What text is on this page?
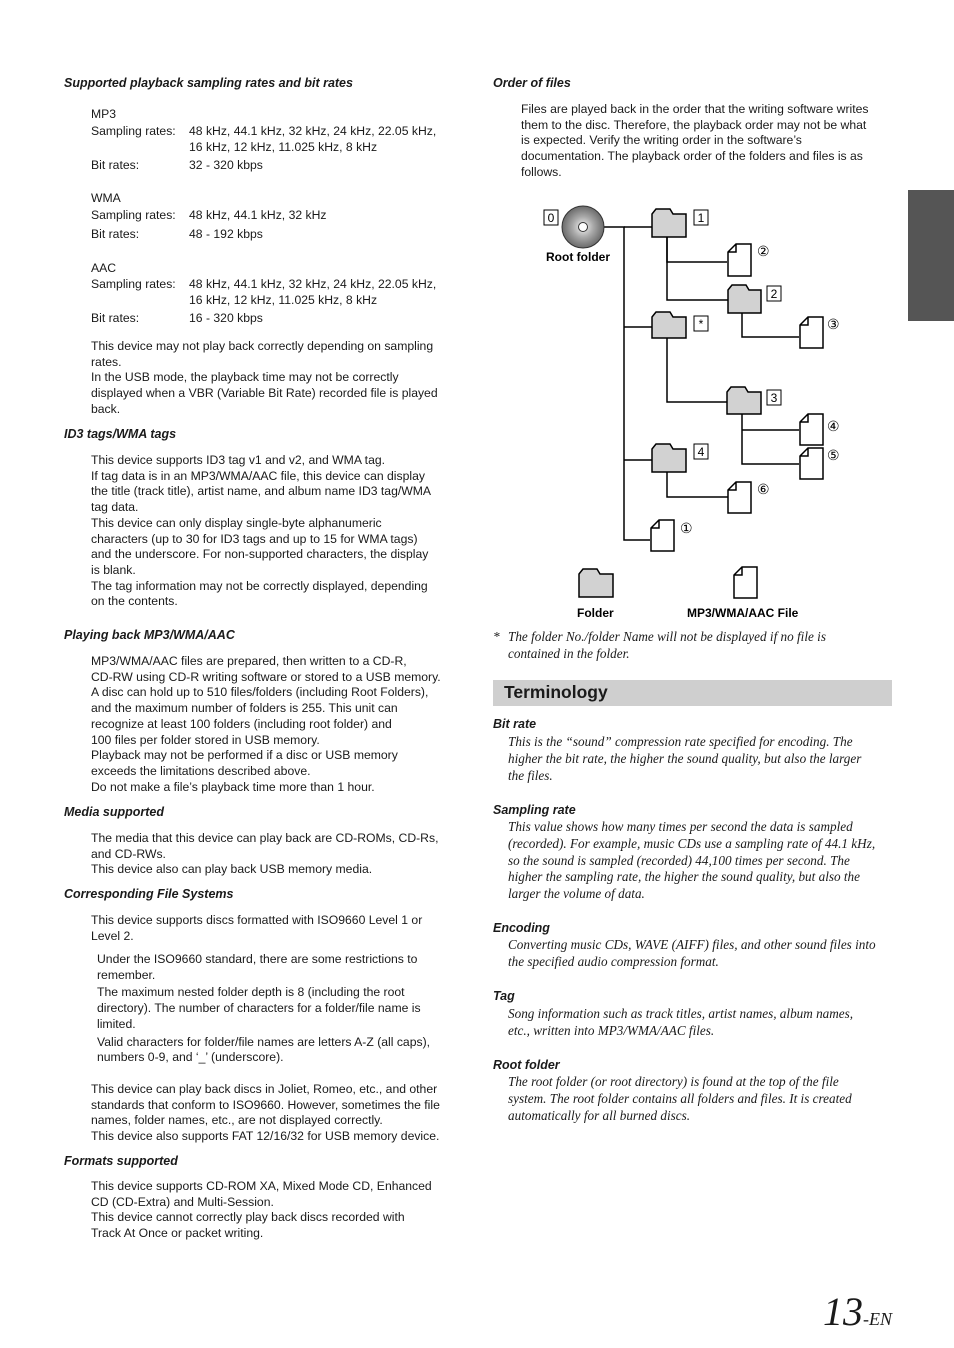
Supported playback sampling rates and bit rates
MP3
Sampling rates: 48 kHz, 44.1 kHz, 32 kHz, 24 kHz, 22.05 kHz,
16 kHz, 12 kHz, 11.025 kHz, 8 kHz
Bit rates:	32 - 320 kbps
WMA
Sampling rates: 48 kHz, 44.1 kHz, 32 kHz
Bit rates:	48 - 192 kbps
AAC
Sampling rates: 48 kHz, 44.1 kHz, 32 kHz, 24 kHz, 22.05 kHz,
16 kHz, 12 kHz, 11.025 kHz, 8 kHz
Bit rates:	16 - 320 kbps
This device may not play back correctly depending on sampling
rates.
In the USB mode, the playback time may not be correctly
displayed when a VBR (Variable Bit Rate) recorded file is played
back.
ID3 tags/WMA tags
This device supports ID3 tag v1 and v2, and WMA tag.
If tag data is in an MP3/WMA/AAC file, this device can display
the title (track title), artist name, and album name ID3 tag/WMA
tag data.
This device can only display single-byte alphanumeric
characters (up to 30 for ID3 tags and up to 15 for WMA tags)
and the underscore. For non-supported characters, the display
is blank.
The tag information may not be correctly displayed, depending
on the contents.
Playing back MP3/WMA/AAC
MP3/WMA/AAC files are prepared, then written to a CD-R,
CD-RW using CD-R writing software or stored to a USB memory.
A disc can hold up to 510 files/folders (including Root Folders),
and the maximum number of folders is 255. This unit can
recognize at least 100 folders (including root folder) and
100 files per folder stored in USB memory.
Playback may not be performed if a disc or USB memory
exceeds the limitations described above.
Do not make a file’s playback time more than 1 hour.
Media supported
The media that this device can play back are CD-ROMs, CD-Rs,
and CD-RWs.
This device also can play back USB memory media.
Corresponding File Systems
This device supports discs formatted with ISO9660 Level 1 or
Level 2.
Under the ISO9660 standard, there are some restrictions to
remember.
The maximum nested folder depth is 8 (including the root
directory). The number of characters for a folder/file name is
limited.
Valid characters for folder/file names are letters A-Z (all caps),
numbers 0-9, and ‘_’ (underscore).
This device can play back discs in Joliet, Romeo, etc., and other
standards that conform to ISO9660. However, sometimes the file
names, folder names, etc., are not displayed correctly.
This device also supports FAT 12/16/32 for USB memory device.
Formats supported
This device supports CD-ROM XA, Mixed Mode CD, Enhanced
CD (CD-Extra) and Multi-Session.
This device cannot correctly play back discs recorded with
Track At Once or packet writing.
Order of files
Files are played back in the order that the writing software writes
them to the disc. Therefore, the playback order may not be what
is expected. Verify the writing order in the software’s
documentation. The playback order of the folders and files is as
follows.
0	1
2
*
3
4
②
③
④
⑤
⑥
①
Root folder
Folder	MP3/WMA/AAC File
* The folder No./folder Name will not be displayed if no file is
contained in the folder.
Terminology
Bit rate
This is the “sound” compression rate specified for encoding. The
higher the bit rate, the higher the sound quality, but also the larger
the files.
Sampling rate
This value shows how many times per second the data is sampled
(recorded). For example, music CDs use a sampling rate of 44.1 kHz,
so the sound is sampled (recorded) 44,100 times per second. The
higher the sampling rate, the higher the sound quality, but also the
larger the volume of data.
Encoding
Converting music CDs, WAVE (AIFF) files, and other sound files into
the specified audio compression format.
Tag
Song information such as track titles, artist names, album names,
etc., written into MP3/WMA/AAC files.
Root folder
The root folder (or root directory) is found at the top of the file
system. The root folder contains all folders and files. It is created
automatically for all burned discs.
13-EN
